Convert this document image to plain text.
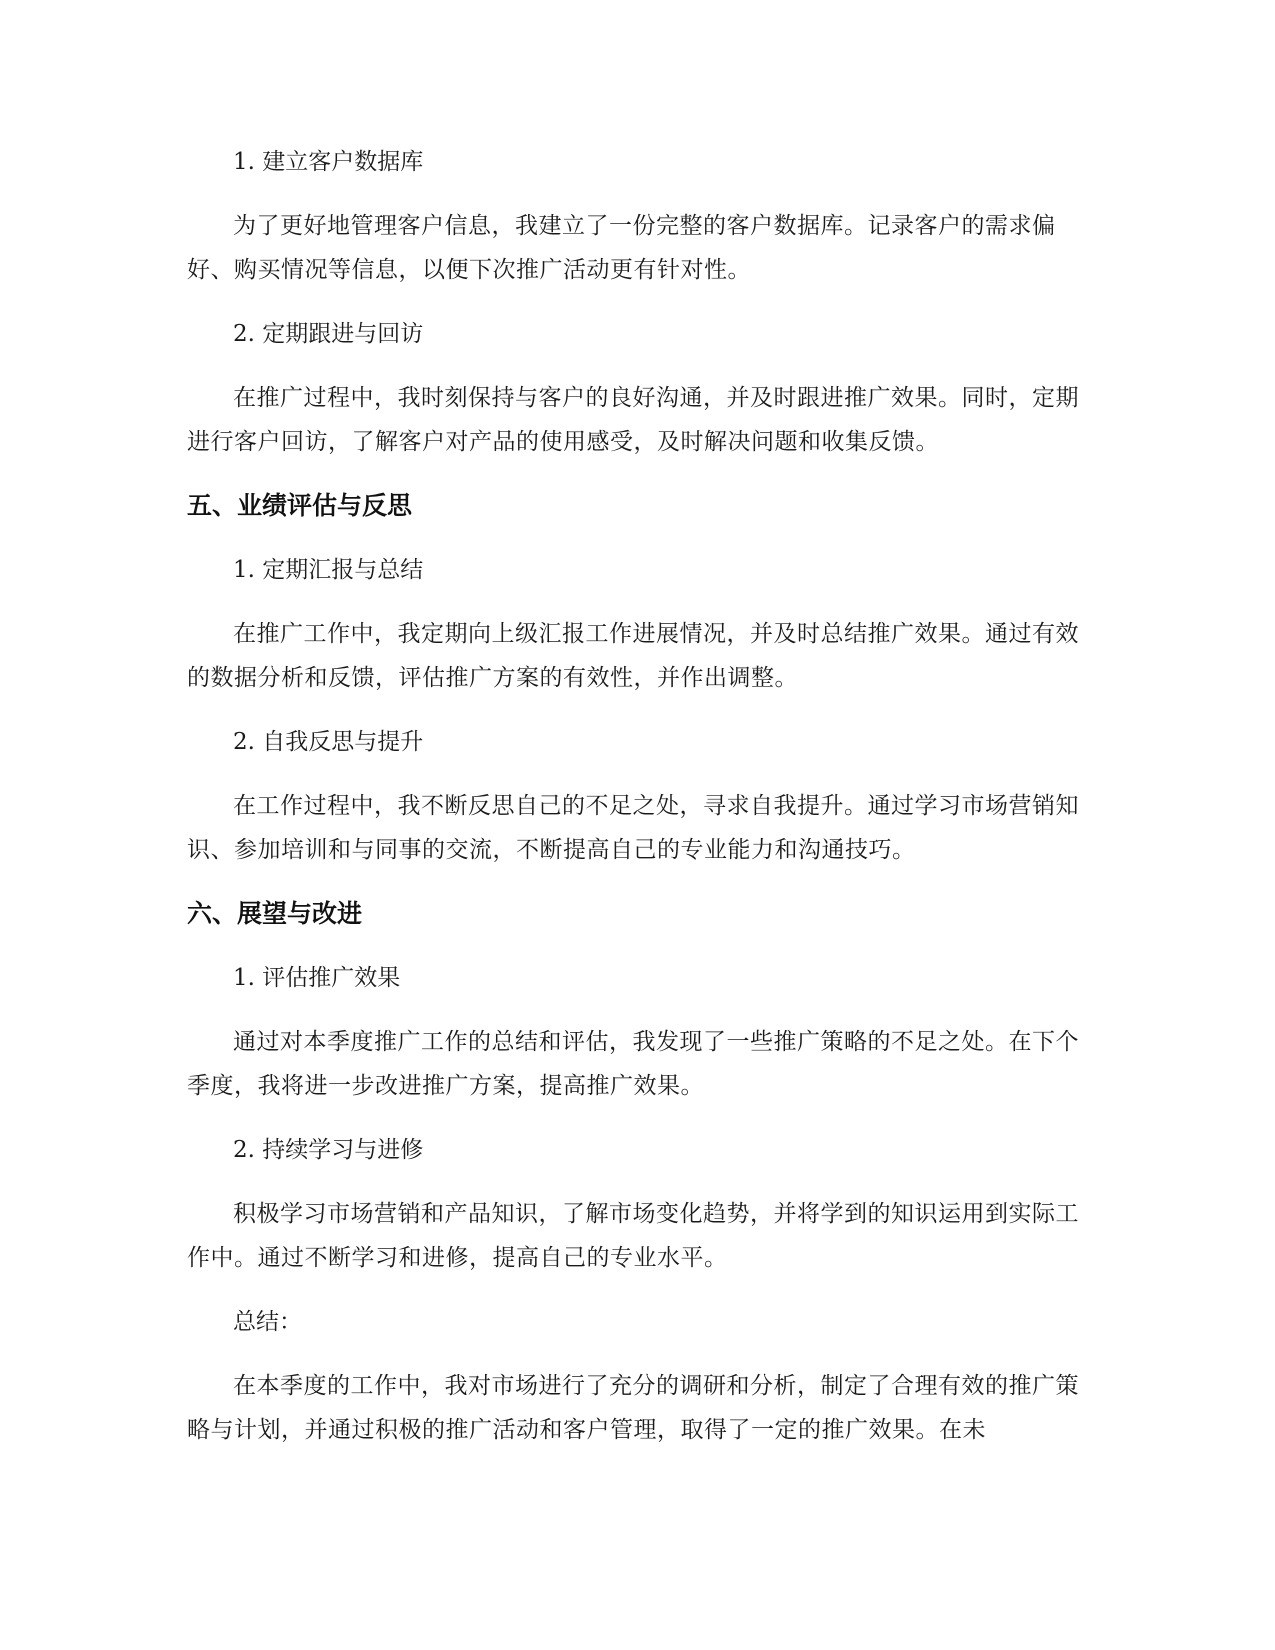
1. 建立客户数据库

为了更好地管理客户信息，我建立了一份完整的客户数据库。记录客户的需求偏好、购买情况等信息，以便下次推广活动更有针对性。

2. 定期跟进与回访

在推广过程中，我时刻保持与客户的良好沟通，并及时跟进推广效果。同时，定期进行客户回访，了解客户对产品的使用感受，及时解决问题和收集反馈。

五、业绩评估与反思

1. 定期汇报与总结

在推广工作中，我定期向上级汇报工作进展情况，并及时总结推广效果。通过有效的数据分析和反馈，评估推广方案的有效性，并作出调整。

2. 自我反思与提升

在工作过程中，我不断反思自己的不足之处，寻求自我提升。通过学习市场营销知识、参加培训和与同事的交流，不断提高自己的专业能力和沟通技巧。

六、展望与改进

1. 评估推广效果

通过对本季度推广工作的总结和评估，我发现了一些推广策略的不足之处。在下个季度，我将进一步改进推广方案，提高推广效果。

2. 持续学习与进修

积极学习市场营销和产品知识，了解市场变化趋势，并将学到的知识运用到实际工作中。通过不断学习和进修，提高自己的专业水平。

总结：

在本季度的工作中，我对市场进行了充分的调研和分析，制定了合理有效的推广策略与计划，并通过积极的推广活动和客户管理，取得了一定的推广效果。在未
